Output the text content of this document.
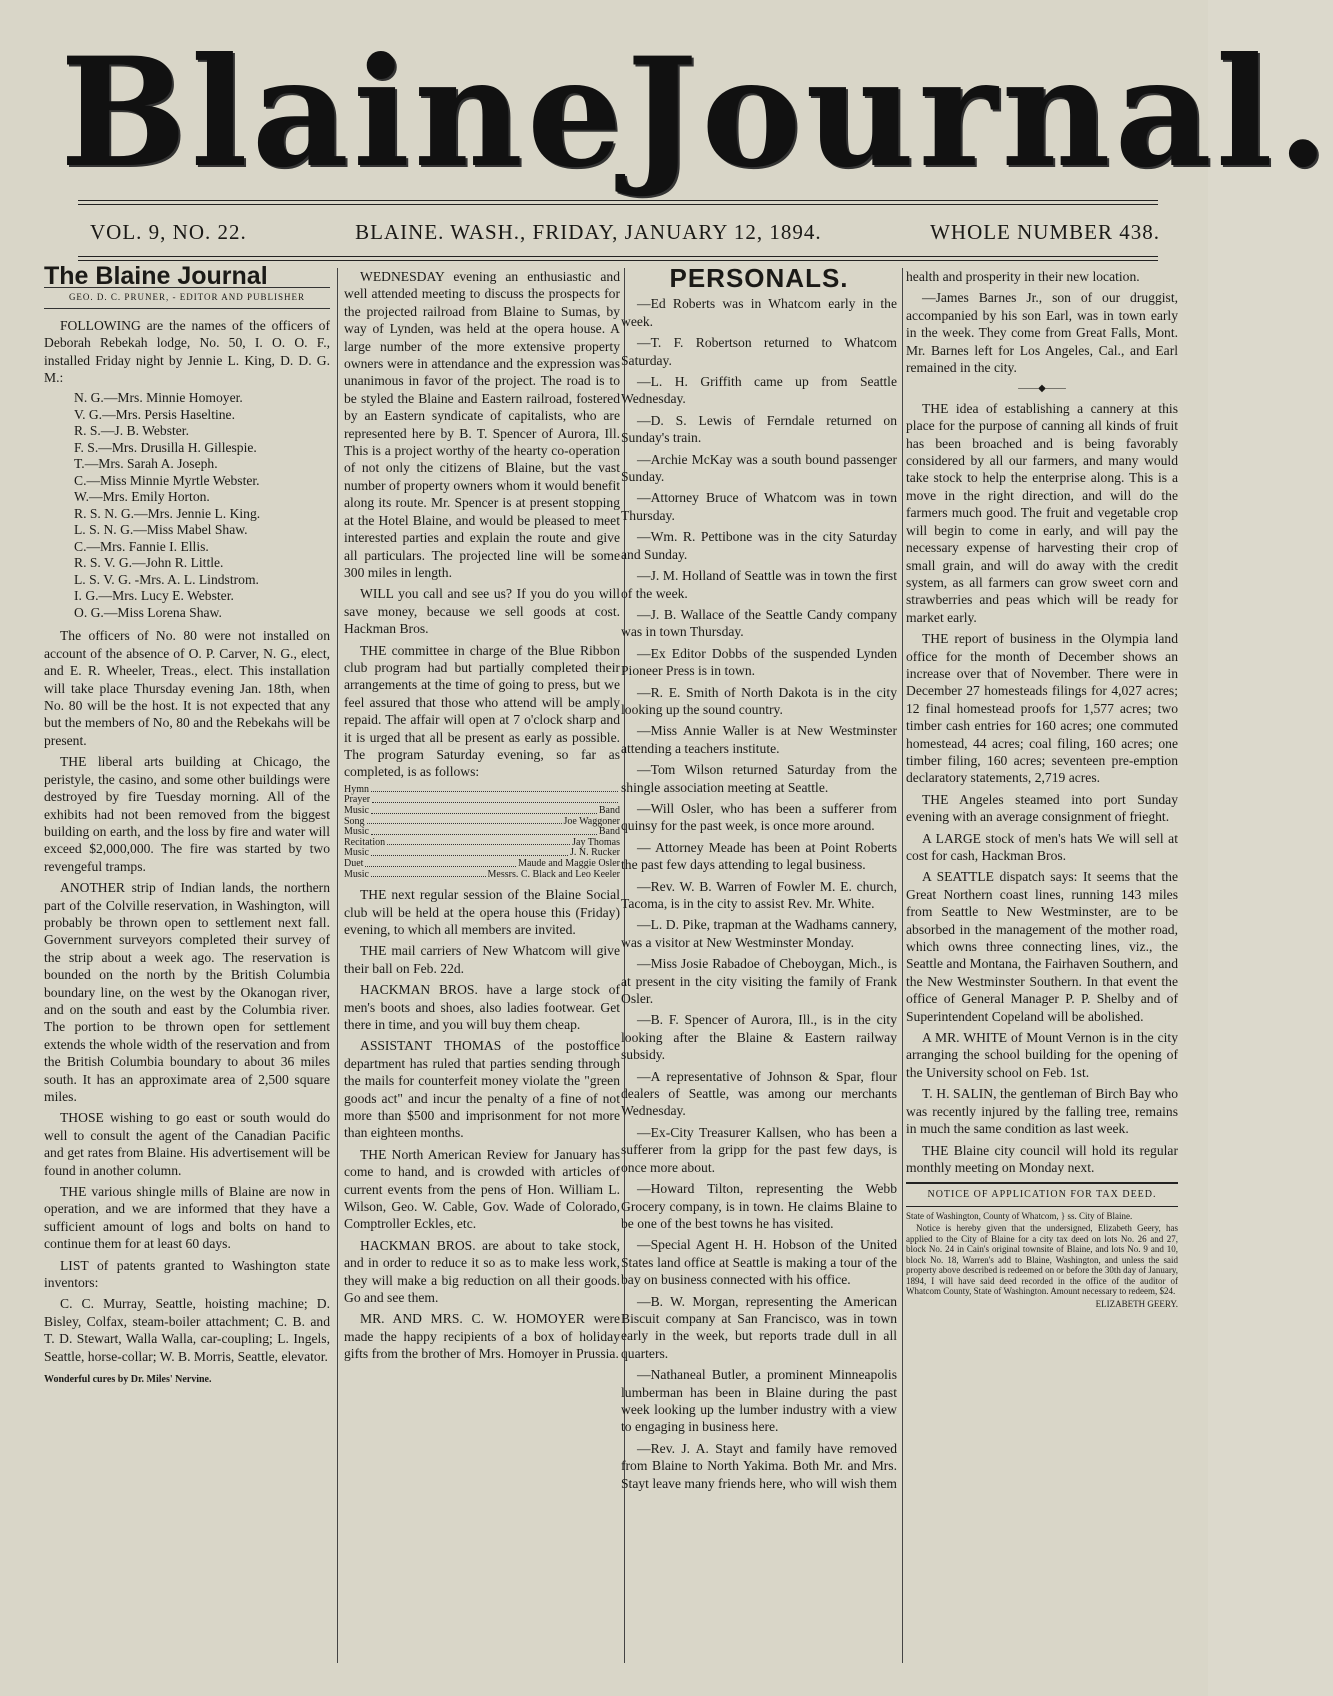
Blaine Journal.
VOL. 9, NO. 22.	BLAINE. WASH., FRIDAY, JANUARY 12, 1894.	WHOLE NUMBER 438.
The Blaine Journal
GEO. D. C. PRUNER, - EDITOR AND PUBLISHER

FOLLOWING are the names of the officers of Deborah Rebekah lodge, No. 50, I. O. O. F., installed Friday night by Jennie L. King, D. D. G. M.:

N. G.—Mrs. Minnie Homoyer.
V. G.—Mrs. Persis Haseltine.
R. S.—J. B. Webster.
F. S.—Mrs. Drusilla H. Gillespie.
T.—Mrs. Sarah A. Joseph.
C.—Miss Minnie Myrtle Webster.
W.—Mrs. Emily Horton.
R. S. N. G.—Mrs. Jennie L. King.
L. S. N. G.—Miss Mabel Shaw.
C.—Mrs. Fannie I. Ellis.
R. S. V. G.—John R. Little.
L. S. V. G. -Mrs. A. L. Lindstrom.
I. G.—Mrs. Lucy E. Webster.
O. G.—Miss Lorena Shaw.

The officers of No. 80 were not installed on account of the absence of O. P. Carver, N. G., elect, and E. R. Wheeler, Treas., elect. This installation will take place Thursday evening Jan. 18th, when No. 80 will be the host. It is not expected that any but the members of No, 80 and the Rebekahs will be present.

THE liberal arts building at Chicago, the peristyle, the casino, and some other buildings were destroyed by fire Tuesday morning. All of the exhibits had not been removed from the biggest building on earth, and the loss by fire and water will exceed $2,000,000. The fire was started by two revengeful tramps.

ANOTHER strip of Indian lands, the northern part of the Colville reservation, in Washington, will probably be thrown open to settlement next fall. Government surveyors completed their survey of the strip about a week ago. The reservation is bounded on the north by the British Columbia boundary line, on the west by the Okanogan river, and on the south and east by the Columbia river. The portion to be thrown open for settlement extends the whole width of the reservation and from the British Columbia boundary to about 36 miles south. It has an approximate area of 2,500 square miles.

THOSE wishing to go east or south would do well to consult the agent of the Canadian Pacific and get rates from Blaine. His advertisement will be found in another column.

THE various shingle mills of Blaine are now in operation, and we are informed that they have a sufficient amount of logs and bolts on hand to continue them for at least 60 days.

LIST of patents granted to Washington state inventors:

C. C. Murray, Seattle, hoisting machine; D. Bisley, Colfax, steam-boiler attachment; C. B. and T. D. Stewart, Walla Walla, car-coupling; L. Ingels, Seattle, horse-collar; W. B. Morris, Seattle, elevator.

Wonderful cures by Dr. Miles' Nervine.

WEDNESDAY evening an enthusiastic and well attended meeting to discuss the prospects for the projected railroad from Blaine to Sumas, by way of Lynden, was held at the opera house. A large number of the more extensive property owners were in attendance and the expression was unanimous in favor of the project. The road is to be styled the Blaine and Eastern railroad, fostered by an Eastern syndicate of capitalists, who are represented here by B. T. Spencer of Aurora, Ill. This is a project worthy of the hearty co-operation of not only the citizens of Blaine, but the vast number of property owners whom it would benefit along its route. Mr. Spencer is at present stopping at the Hotel Blaine, and would be pleased to meet interested parties and explain the route and give all particulars. The projected line will be some 300 miles in length.

WILL you call and see us? If you do you will save money, because we sell goods at cost. Hackman Bros.

THE committee in charge of the Blue Ribbon club program had but partially completed their arrangements at the time of going to press, but we feel assured that those who attend will be amply repaid. The affair will open at 7 o'clock sharp and it is urged that all be present as early as possible. The program Saturday evening, so far as completed, is as follows:

Hymn
Prayer
Music	Band
Song	Joe Waggoner
Music	Band
Recitation	Jay Thomas
Music	J. N. Rucker
Duet	Maude and Maggie Osler
Music	Messrs. C. Black and Leo Keeler

THE next regular session of the Blaine Social club will be held at the opera house this (Friday) evening, to which all members are invited.

THE mail carriers of New Whatcom will give their ball on Feb. 22d.

HACKMAN BROS. have a large stock of men's boots and shoes, also ladies footwear. Get there in time, and you will buy them cheap.

ASSISTANT THOMAS of the postoffice department has ruled that parties sending through the mails for counterfeit money violate the "green goods act" and incur the penalty of a fine of not more than $500 and imprisonment for not more than eighteen months.

THE North American Review for January has come to hand, and is crowded with articles of current events from the pens of Hon. William L. Wilson, Geo. W. Cable, Gov. Wade of Colorado, Comptroller Eckles, etc.

HACKMAN BROS. are about to take stock, and in order to reduce it so as to make less work, they will make a big reduction on all their goods. Go and see them.

MR. AND MRS. C. W. HOMOYER were made the happy recipients of a box of holiday gifts from the brother of Mrs. Homoyer in Prussia.

PERSONALS.

—Ed Roberts was in Whatcom early in the week.

—T. F. Robertson returned to Whatcom Saturday.

—L. H. Griffith came up from Seattle Wednesday.

—D. S. Lewis of Ferndale returned on Sunday's train.

—Archie McKay was a south bound passenger Sunday.

—Attorney Bruce of Whatcom was in town Thursday.

—Wm. R. Pettibone was in the city Saturday and Sunday.

—J. M. Holland of Seattle was in town the first of the week.

—J. B. Wallace of the Seattle Candy company was in town Thursday.

—Ex Editor Dobbs of the suspended Lynden Pioneer Press is in town.

—R. E. Smith of North Dakota is in the city looking up the sound country.

—Miss Annie Waller is at New Westminster attending a teachers institute.

—Tom Wilson returned Saturday from the shingle association meeting at Seattle.

—Will Osler, who has been a sufferer from quinsy for the past week, is once more around.

— Attorney Meade has been at Point Roberts the past few days attending to legal business.

—Rev. W. B. Warren of Fowler M. E. church, Tacoma, is in the city to assist Rev. Mr. White.

—L. D. Pike, trapman at the Wadhams cannery, was a visitor at New Westminster Monday.

—Miss Josie Rabadoe of Cheboygan, Mich., is at present in the city visiting the family of Frank Osler.

—B. F. Spencer of Aurora, Ill., is in the city looking after the Blaine & Eastern railway subsidy.

—A representative of Johnson & Spar, flour dealers of Seattle, was among our merchants Wednesday.

—Ex-City Treasurer Kallsen, who has been a sufferer from la gripp for the past few days, is once more about.

—Howard Tilton, representing the Webb Grocery company, is in town. He claims Blaine to be one of the best towns he has visited.

—Special Agent H. H. Hobson of the United States land office at Seattle is making a tour of the bay on business connected with his office.

—B. W. Morgan, representing the American Biscuit company at San Francisco, was in town early in the week, but reports trade dull in all quarters.

—Nathaneal Butler, a prominent Minneapolis lumberman has been in Blaine during the past week looking up the lumber industry with a view to engaging in business here.

—Rev. J. A. Stayt and family have removed from Blaine to North Yakima. Both Mr. and Mrs. Stayt leave many friends here, who will wish them

health and prosperity in their new location.

—James Barnes Jr., son of our druggist, accompanied by his son Earl, was in town early in the week. They come from Great Falls, Mont. Mr. Barnes left for Los Angeles, Cal., and Earl remained in the city.

——◆——

THE idea of establishing a cannery at this place for the purpose of canning all kinds of fruit has been broached and is being favorably considered by all our farmers, and many would take stock to help the enterprise along. This is a move in the right direction, and will do the farmers much good. The fruit and vegetable crop will begin to come in early, and will pay the necessary expense of harvesting their crop of small grain, and will do away with the credit system, as all farmers can grow sweet corn and strawberries and peas which will be ready for market early.

THE report of business in the Olympia land office for the month of December shows an increase over that of November. There were in December 27 homesteads filings for 4,027 acres; 12 final homestead proofs for 1,577 acres; two timber cash entries for 160 acres; one commuted homestead, 44 acres; coal filing, 160 acres; one timber filing, 160 acres; seventeen pre-emption declaratory statements, 2,719 acres.

THE Angeles steamed into port Sunday evening with an average consignment of frieght.

A LARGE stock of men's hats We will sell at cost for cash, Hackman Bros.

A SEATTLE dispatch says: It seems that the Great Northern coast lines, running 143 miles from Seattle to New Westminster, are to be absorbed in the management of the mother road, which owns three connecting lines, viz., the Seattle and Montana, the Fairhaven Southern, and the New Westminster Southern. In that event the office of General Manager P. P. Shelby and of Superintendent Copeland will be abolished.

A MR. WHITE of Mount Vernon is in the city arranging the school building for the opening of the University school on Feb. 1st.

T. H. SALIN, the gentleman of Birch Bay who was recently injured by the falling tree, remains in much the same condition as last week.

THE Blaine city council will hold its regular monthly meeting on Monday next.

NOTICE OF APPLICATION FOR TAX DEED.

State of Washington, County of Whatcom, } ss. City of Blaine.

Notice is hereby given that the undersigned, Elizabeth Geery, has applied to the City of Blaine for a city tax deed on lots No. 26 and 27, block No. 24 in Cain's original townsite of Blaine, and lots No. 9 and 10, block No. 18, Warren's add to Blaine, Washington, and unless the said property above described is redeemed on or before the 30th day of January, 1894, I will have said deed recorded in the office of the auditor of Whatcom County, State of Washington. Amount necessary to redeem, $24.

ELIZABETH GEERY.
